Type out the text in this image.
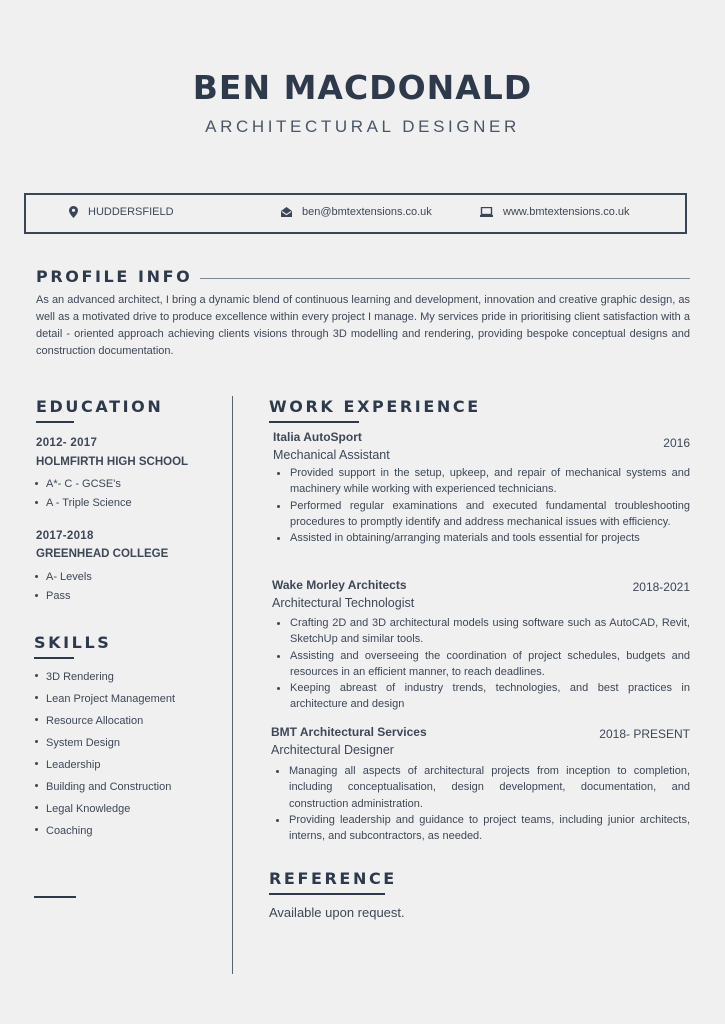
BEN MACDONALD
ARCHITECTURAL DESIGNER
HUDDERSFIELD	ben@bmtextensions.co.uk	www.bmtextensions.co.uk
PROFILE INFO
As an advanced architect, I bring a dynamic blend of continuous learning and development, innovation and creative graphic design, as well as a motivated drive to produce excellence within every project I manage. My services pride in prioritising client satisfaction with a detail - oriented approach achieving clients visions through 3D modelling and rendering, providing bespoke conceptual designs and construction documentation.
EDUCATION
2012- 2017
HOLMFIRTH HIGH SCHOOL
A*- C - GCSE's
A - Triple Science
2017-2018
GREENHEAD COLLEGE
A- Levels
Pass
SKILLS
3D Rendering
Lean Project Management
Resource Allocation
System Design
Leadership
Building and Construction
Legal Knowledge
Coaching
WORK EXPERIENCE
Italia AutoSport	2016
Mechanical Assistant
Provided support in the setup, upkeep, and repair of mechanical systems and machinery while working with experienced technicians.
Performed regular examinations and executed fundamental troubleshooting procedures to promptly identify and address mechanical issues with efficiency.
Assisted in obtaining/arranging materials and tools essential for projects
Wake Morley Architects	2018-2021
Architectural Technologist
Crafting 2D and 3D architectural models using software such as AutoCAD, Revit, SketchUp and similar tools.
Assisting and overseeing the coordination of project schedules, budgets and resources in an efficient manner, to reach deadlines.
Keeping abreast of industry trends, technologies, and best practices in architecture and design
BMT Architectural Services	2018- PRESENT
Architectural Designer
Managing all aspects of architectural projects from inception to completion, including conceptualisation, design development, documentation, and construction administration.
Providing leadership and guidance to project teams, including junior architects, interns, and subcontractors, as needed.
REFERENCE
Available upon request.
